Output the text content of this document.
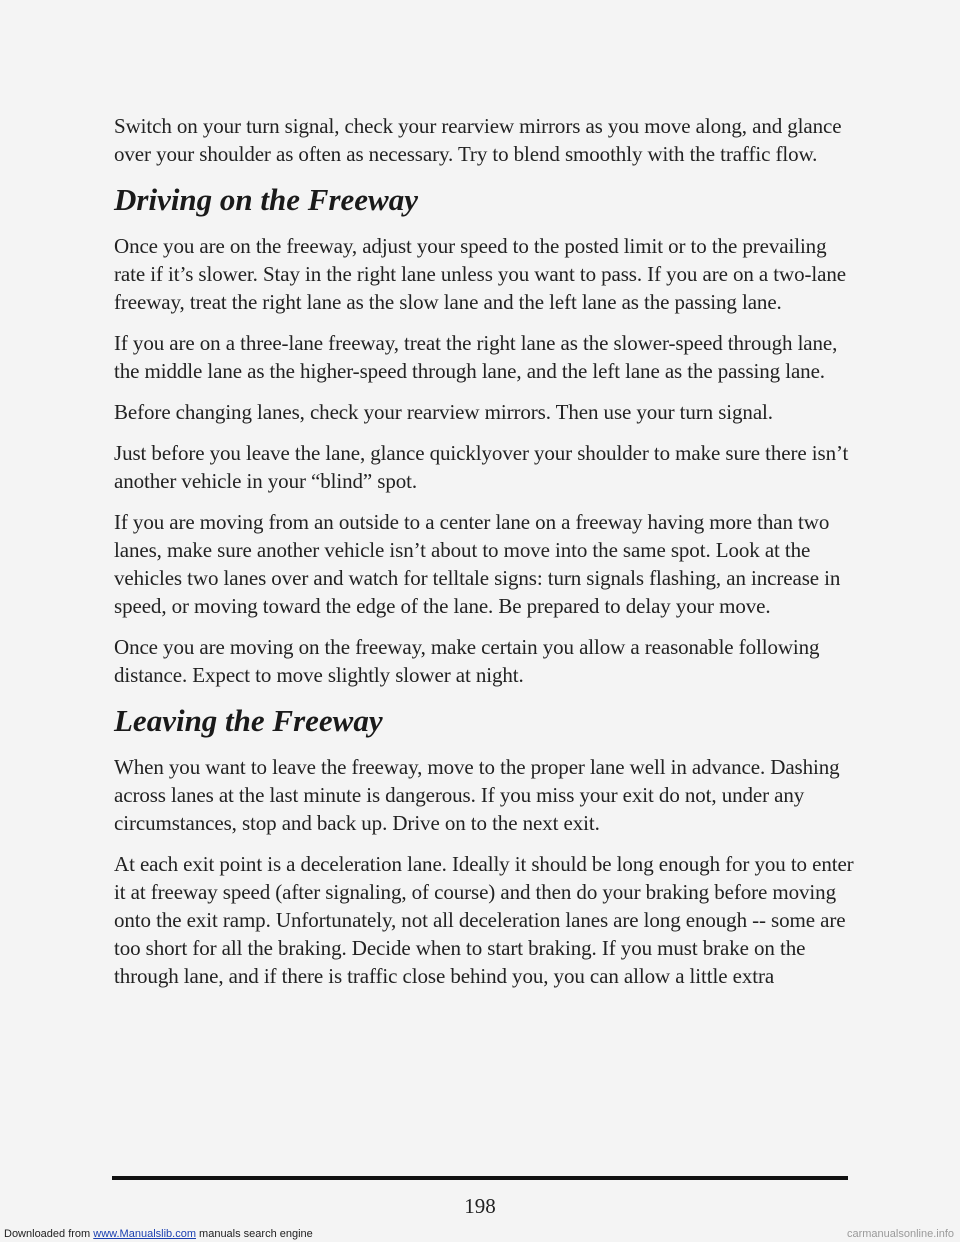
Switch on your turn signal, check your rearview mirrors as you move along, and glance over your shoulder as often as necessary. Try to blend smoothly with the traffic flow.

Driving on the Freeway

Once you are on the freeway, adjust your speed to the posted limit or to the prevailing rate if it’s slower. Stay in the right lane unless you want to pass. If you are on a two-lane freeway, treat the right lane as the slow lane and the left lane as the passing lane.

If you are on a three-lane freeway, treat the right lane as the slower-speed through lane, the middle lane as the higher-speed through lane, and the left lane as the passing lane.

Before changing lanes, check your rearview mirrors. Then use your turn signal.

Just before you leave the lane, glance quicklyover your shoulder to make sure there isn’t another vehicle in your “blind” spot.

If you are moving from an outside to a center lane on a freeway having more than two lanes, make sure another vehicle isn’t about to move into the same spot. Look at the vehicles two lanes over and watch for telltale signs: turn signals flashing, an increase in speed, or moving toward the edge of the lane. Be prepared to delay your move.

Once you are moving on the freeway, make certain you allow a reasonable following distance. Expect to move slightly slower at night.

Leaving the Freeway

When you want to leave the freeway, move to the proper lane well in advance. Dashing across lanes at the last minute is dangerous. If you miss your exit do not, under any circumstances, stop and back up. Drive on to the next exit.

At each exit point is a deceleration lane. Ideally it should be long enough for you to enter it at freeway speed (after signaling, of course) and then do your braking before moving onto the exit ramp. Unfortunately, not all deceleration lanes are long enough -- some are too short for all the braking. Decide when to start braking. If you must brake on the through lane, and if there is traffic close behind you, you can allow a little extra

198
Downloaded from www.Manualslib.com manuals search engine	carmanualsonline.info
